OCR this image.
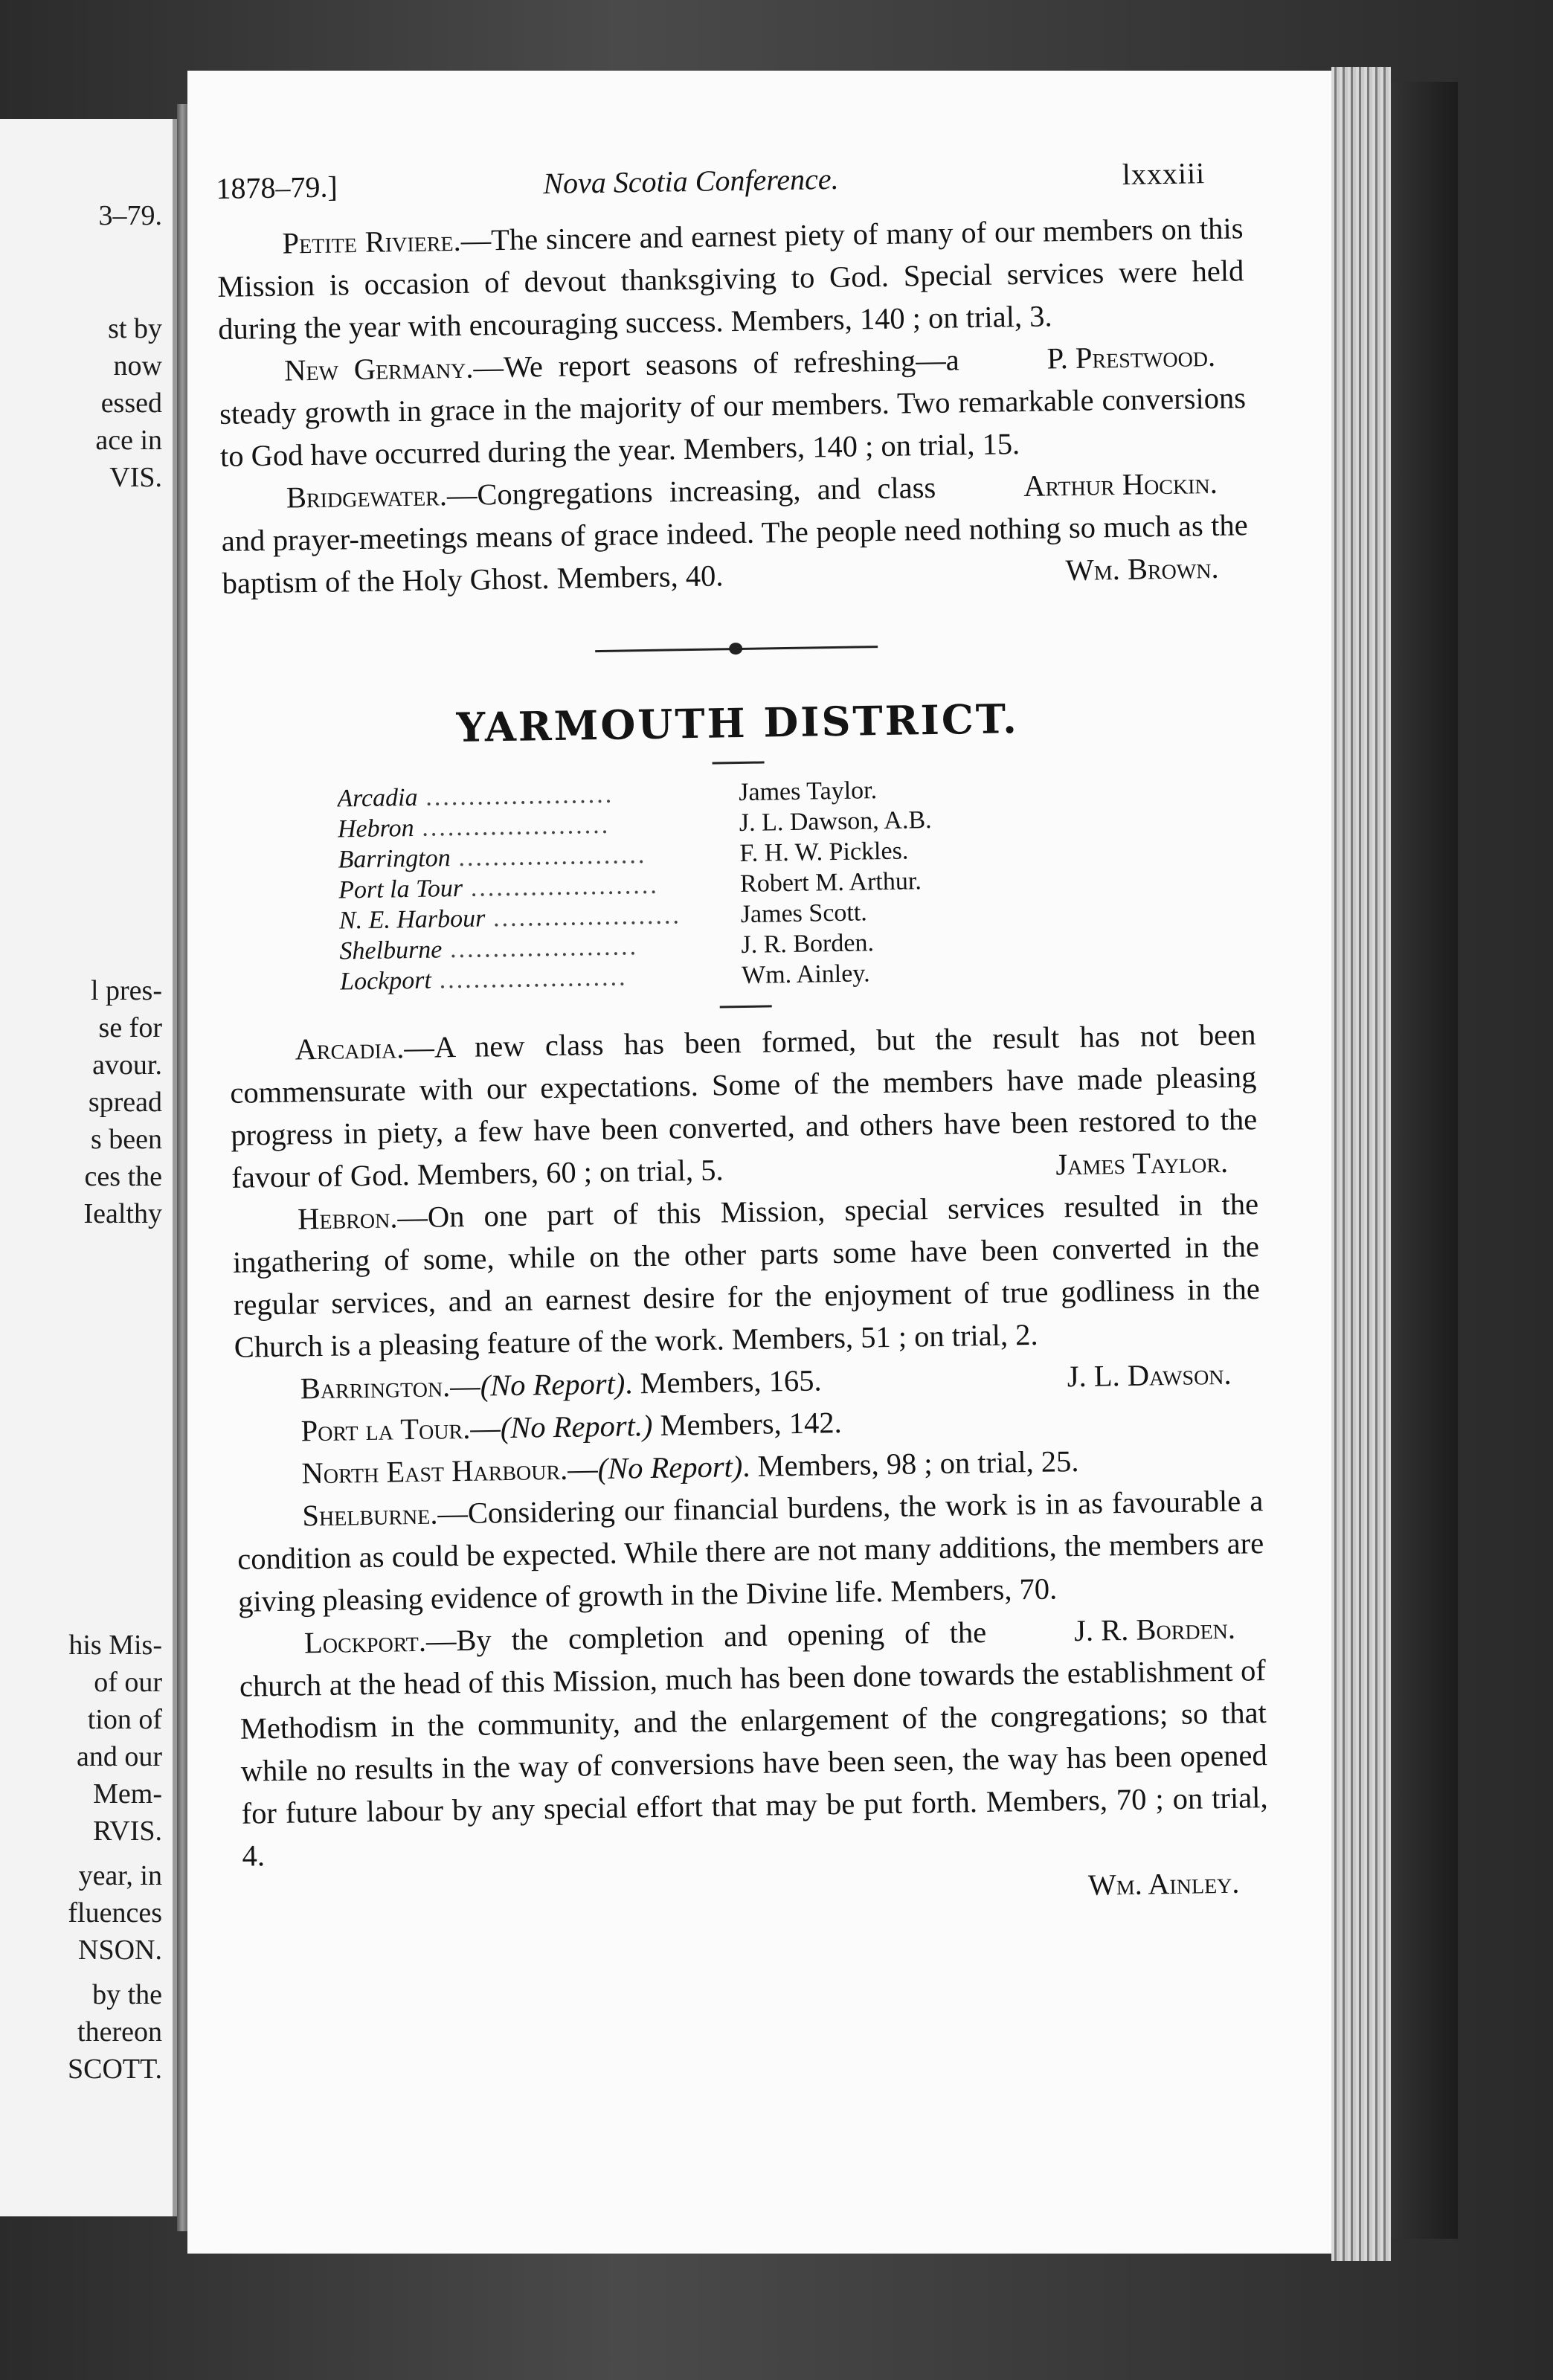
3–79.
st by
now
essed
ace in
VIS.
l pres-
se for
avour.
spread
s been
ces the
Iealthy
his Mis-
of our
tion of
and our
Mem-
RVIS.
year, in
fluences
NSON.
by the
thereon
SCOTT.
1878–79.]	Nova Scotia Conference.	lxxxiii

Petite Riviere.—The sincere and earnest piety of many of our members on this Mission is occasion of devout thanksgiving to God. Special services were held during the year with encouraging success. Members, 140 ; on trial, 3.
P. Prestwood.

New Germany.—We report seasons of refreshing—a steady growth in grace in the majority of our members. Two remarkable conversions to God have occurred during the year. Members, 140 ; on trial, 15.
Arthur Hockin.

Bridgewater.—Congregations increasing, and class and prayer-meetings means of grace indeed. The people need nothing so much as the baptism of the Holy Ghost. Members, 40.	Wm. Brown.

YARMOUTH DISTRICT.
Arcadia ......................	James Taylor.
Hebron ......................	J. L. Dawson, A.B.
Barrington ......................	F. H. W. Pickles.
Port la Tour ......................	Robert M. Arthur.
N. E. Harbour ......................	James Scott.
Shelburne ......................	J. R. Borden.
Lockport ......................	Wm. Ainley.

Arcadia.—A new class has been formed, but the result has not been commensurate with our expectations. Some of the members have made pleasing progress in piety, a few have been converted, and others have been restored to the favour of God. Members, 60 ; on trial, 5.	James Taylor.

Hebron.—On one part of this Mission, special services resulted in the ingathering of some, while on the other parts some have been converted in the regular services, and an earnest desire for the enjoyment of true godliness in the Church is a pleasing feature of the work. Members, 51 ; on trial, 2.
J. L. Dawson.

Barrington.—(No Report). Members, 165.

Port la Tour.—(No Report.) Members, 142.

North East Harbour.—(No Report). Members, 98 ; on trial, 25.

Shelburne.—Considering our financial burdens, the work is in as favourable a condition as could be expected. While there are not many additions, the members are giving pleasing evidence of growth in the Divine life. Members, 70.
J. R. Borden.

Lockport.—By the completion and opening of the church at the head of this Mission, much has been done towards the establishment of Methodism in the community, and the enlargement of the congregations; so that while no results in the way of conversions have been seen, the way has been opened for future labour by any special effort that may be put forth. Members, 70 ; on trial, 4.

Wm. Ainley.
